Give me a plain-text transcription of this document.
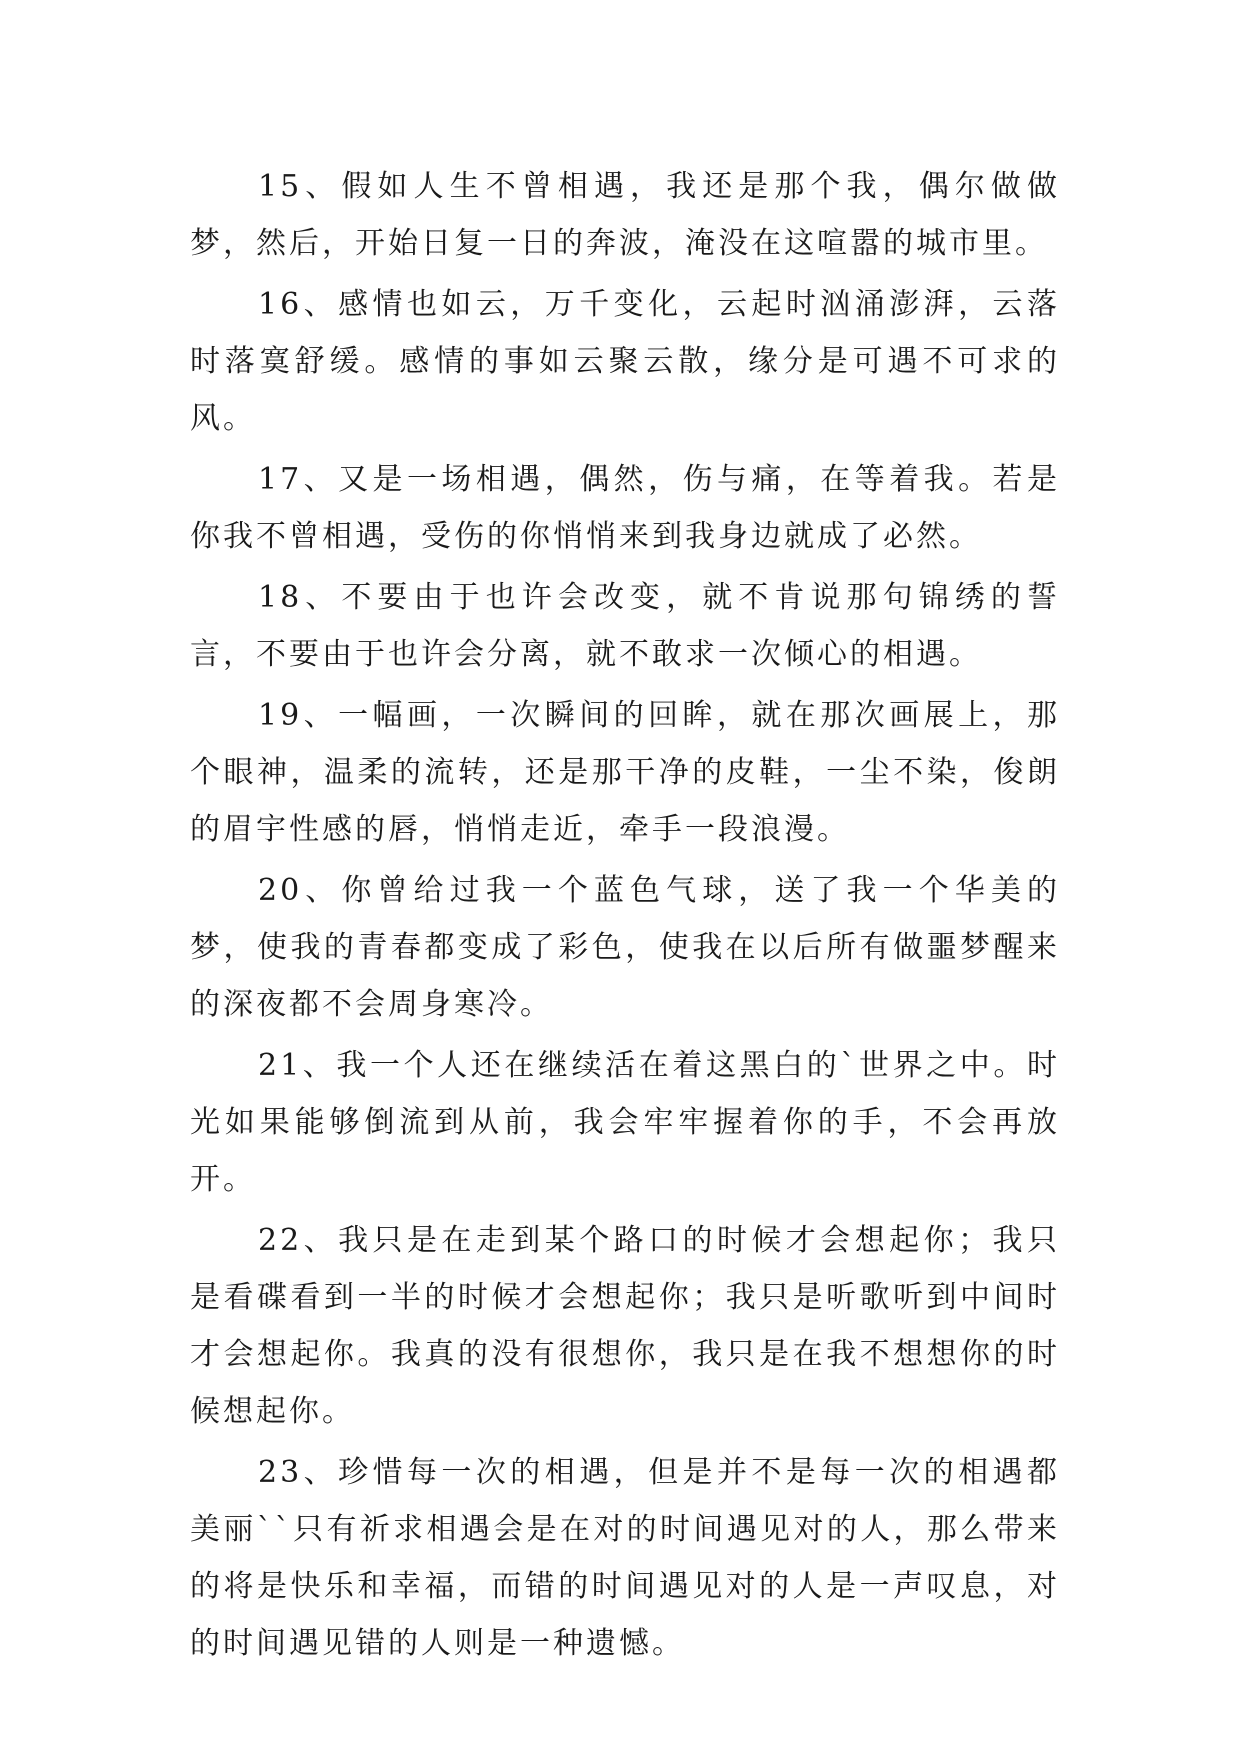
15、假如人生不曾相遇，我还是那个我，偶尔做做梦，然后，开始日复一日的奔波，淹没在这喧嚣的城市里。

16、感情也如云，万千变化，云起时汹涌澎湃，云落时落寞舒缓。感情的事如云聚云散，缘分是可遇不可求的风。

17、又是一场相遇，偶然，伤与痛，在等着我。若是你我不曾相遇，受伤的你悄悄来到我身边就成了必然。

18、不要由于也许会改变，就不肯说那句锦绣的誓言，不要由于也许会分离，就不敢求一次倾心的相遇。

19、一幅画，一次瞬间的回眸，就在那次画展上，那个眼神，温柔的流转，还是那干净的皮鞋，一尘不染，俊朗的眉宇性感的唇，悄悄走近，牵手一段浪漫。

20、你曾给过我一个蓝色气球，送了我一个华美的梦，使我的青春都变成了彩色，使我在以后所有做噩梦醒来的深夜都不会周身寒冷。

21、我一个人还在继续活在着这黑白的`世界之中。时光如果能够倒流到从前，我会牢牢握着你的手，不会再放开。

22、我只是在走到某个路口的时候才会想起你；我只是看碟看到一半的时候才会想起你；我只是听歌听到中间时才会想起你。我真的没有很想你，我只是在我不想想你的时候想起你。

23、珍惜每一次的相遇，但是并不是每一次的相遇都美丽``只有祈求相遇会是在对的时间遇见对的人，那么带来的将是快乐和幸福，而错的时间遇见对的人是一声叹息，对的时间遇见错的人则是一种遗憾。
